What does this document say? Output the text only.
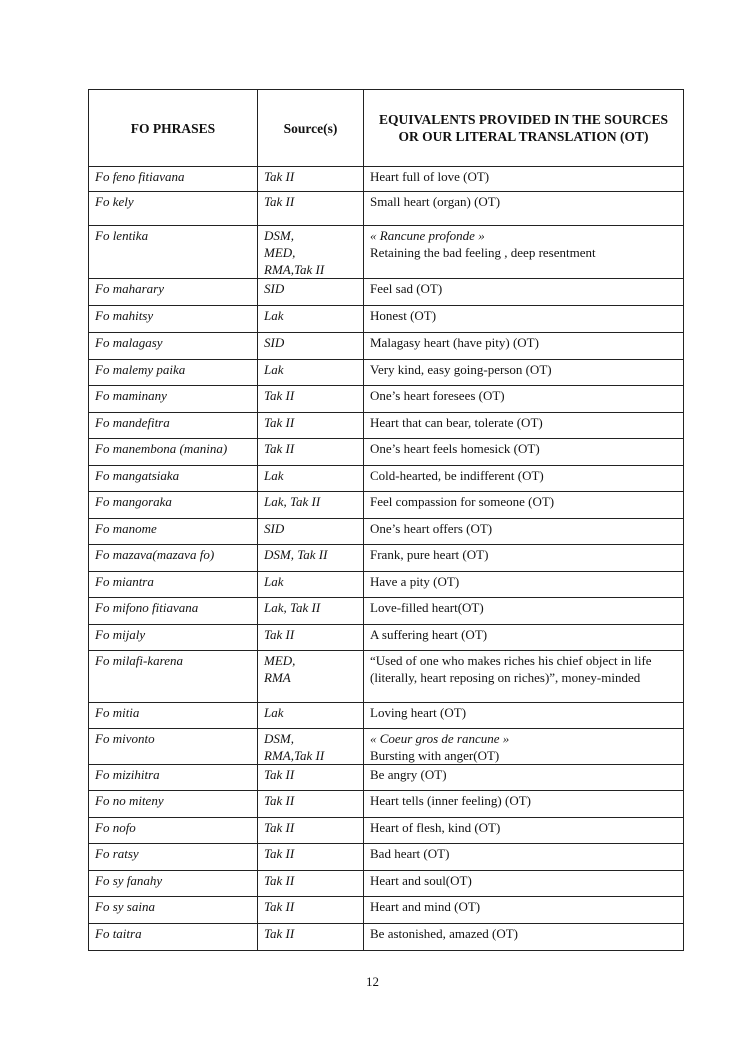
FO PHRASES	Source(s)	EQUIVALENTS PROVIDED IN THE SOURCES OR OUR LITERAL TRANSLATION (OT)
Fo feno fitiavana	Tak II	Heart full of love (OT)

Fo kely	Tak II	Small heart (organ) (OT)

Fo lentika	DSM,
MED,
RMA,Tak II	« Rancune profonde »
Retaining the bad feeling , deep resentment

Fo maharary	SID	Feel sad (OT)

Fo mahitsy	Lak	Honest (OT)

Fo malagasy	SID	Malagasy heart (have pity) (OT)

Fo malemy paika	Lak	Very kind, easy going-person (OT)

Fo maminany	Tak II	One’s heart foresees (OT)

Fo mandefitra	Tak II	Heart that can bear, tolerate (OT)

Fo manembona (manina)	Tak II	One’s heart feels homesick (OT)

Fo mangatsiaka	Lak	Cold-hearted, be indifferent (OT)

Fo mangoraka	Lak, Tak II	Feel compassion for someone (OT)

Fo manome	SID	One’s heart offers (OT)

Fo mazava(mazava fo)	DSM, Tak II	Frank, pure heart (OT)

Fo miantra	Lak	Have a pity (OT)

Fo mifono fitiavana	Lak, Tak II	Love-filled heart(OT)

Fo mijaly	Tak II	A suffering heart (OT)

Fo milafi-karena	MED,
RMA	“Used of one who makes riches his chief object in life (literally, heart reposing on riches)”, money-minded

Fo mitia	Lak	Loving heart (OT)

Fo mivonto	DSM,
RMA,Tak II	« Coeur gros de rancune »
Bursting with anger(OT)

Fo mizihitra	Tak II	Be angry (OT)

Fo no miteny	Tak II	Heart tells (inner feeling) (OT)

Fo nofo	Tak II	Heart of flesh, kind (OT)

Fo ratsy	Tak II	Bad heart (OT)

Fo sy fanahy	Tak II	Heart and soul(OT)

Fo sy saina	Tak II	Heart and mind (OT)

Fo taitra	Tak II	Be astonished, amazed (OT)
12
